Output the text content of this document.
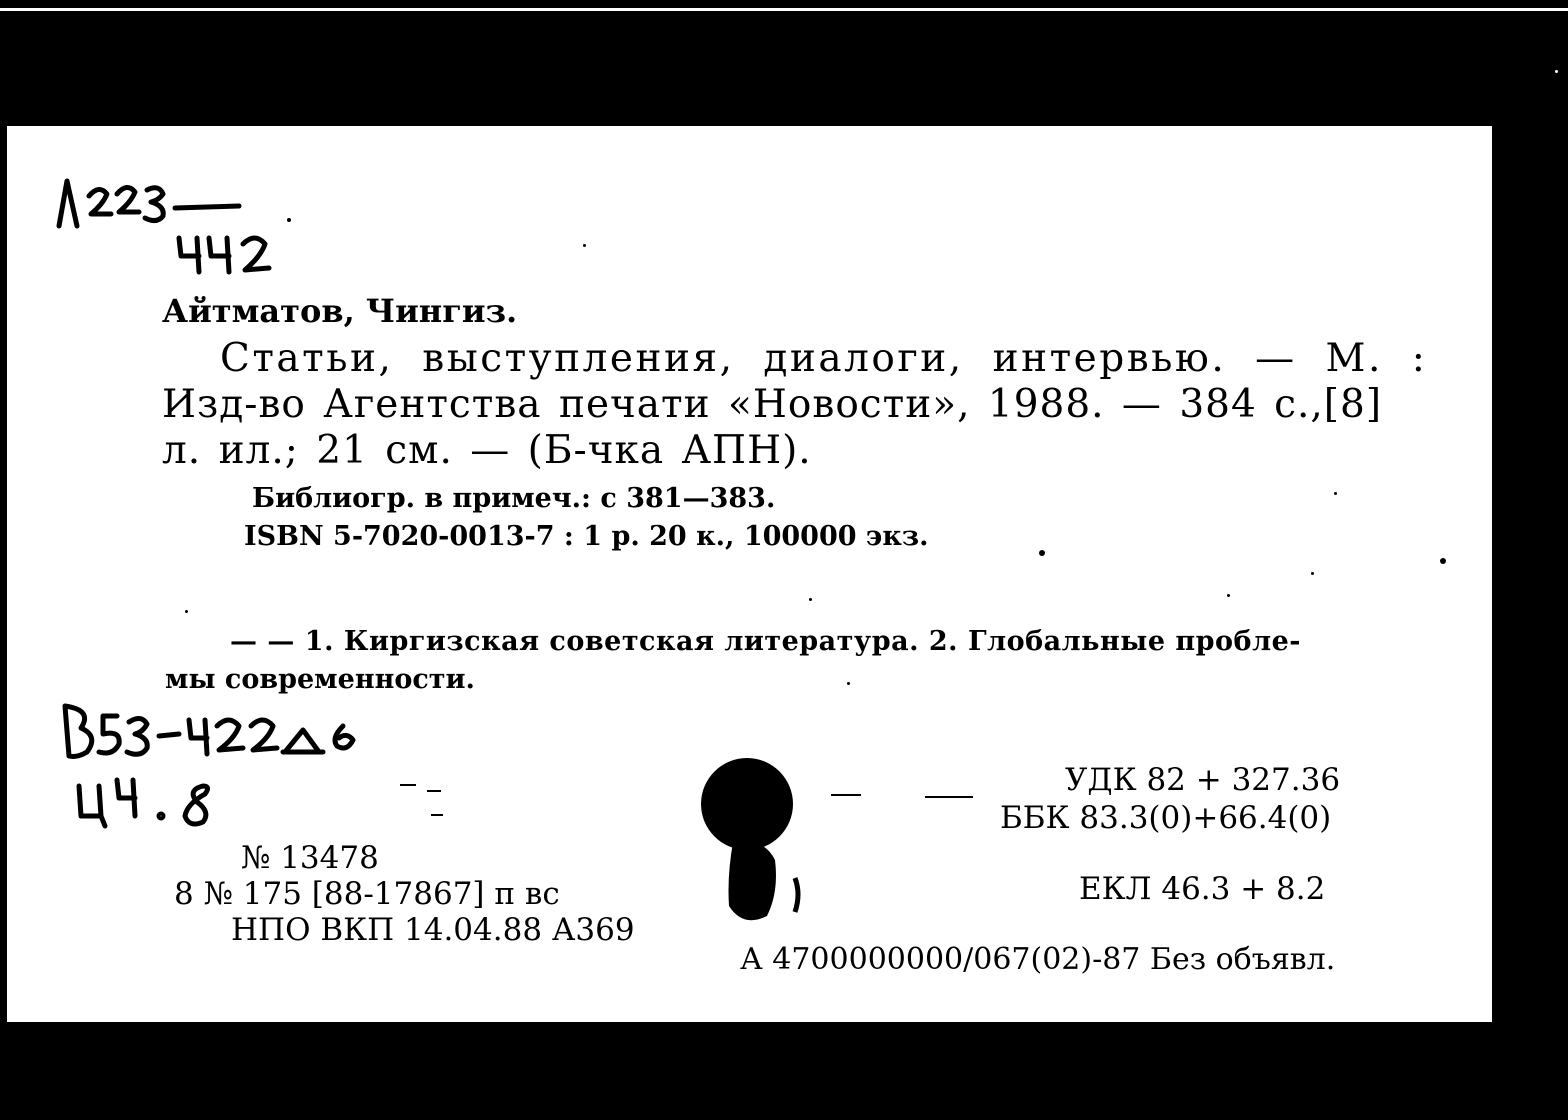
Айтматов, Чингиз.
Статьи, выступления, диалоги, интервью. — М. :
Изд-во Агентства печати «Новости», 1988. — 384 с.,[8]
л. ил.; 21 см. — (Б-чка АПН).
Библиогр. в примеч.: с 381—383.
ISBN 5-7020-0013-7 : 1 р. 20 к., 100000 экз.
— — 1. Киргизская советская литература. 2. Глобальные пробле-
мы современности.
УДК 82 + 327.36
ББК 83.3(0)+66.4(0)
ЕКЛ 46.3 + 8.2
№ 13478
8 № 175 [88-17867] п вс
НПО ВКП 14.04.88 А369
А 4700000000/067(02)-87 Без объявл.
